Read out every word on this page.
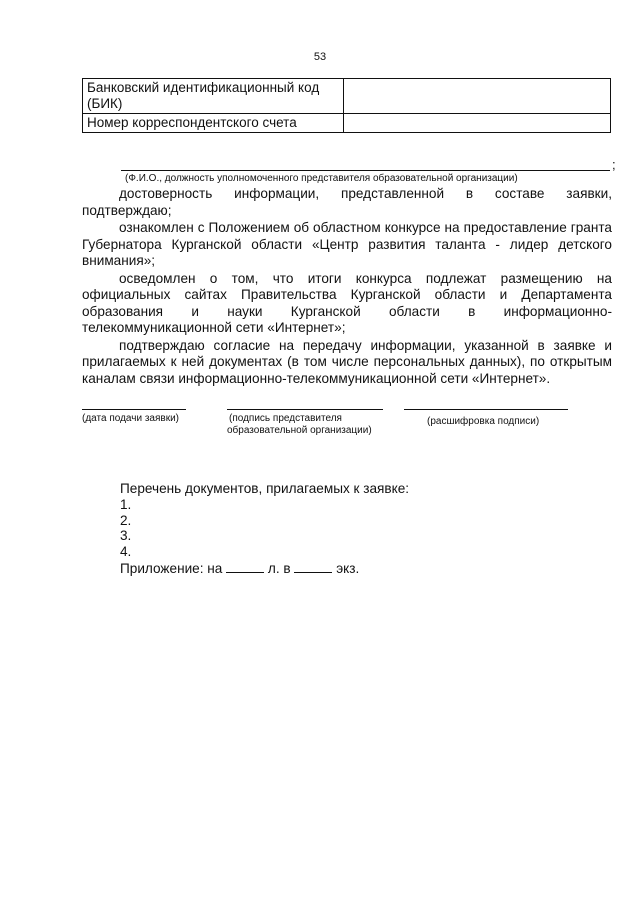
53
Банковский идентификационный код (БИК)	
Номер корреспондентского счета	
;
(Ф.И.О., должность уполномоченного представителя образовательной организации)

достоверность информации, представленной в составе заявки, подтверждаю;

ознакомлен с Положением об областном конкурсе на предоставление гранта Губернатора Курганской области «Центр развития таланта - лидер детского внимания»;

осведомлен о том, что итоги конкурса подлежат размещению на официальных сайтах Правительства Курганской области и Департамента образования и науки Курганской области в информационно-телекоммуникационной сети «Интернет»;

подтверждаю согласие на передачу информации, указанной в заявке и прилагаемых к ней документах (в том числе персональных данных), по открытым каналам связи информационно-телекоммуникационной сети «Интернет».

(дата подачи заявки)	(подпись представителя
образовательной организации)
(расшифровка подписи)
Перечень документов, прилагаемых к заявке:
1.
2.
3.
4.
Приложение: на	л. в	экз.
